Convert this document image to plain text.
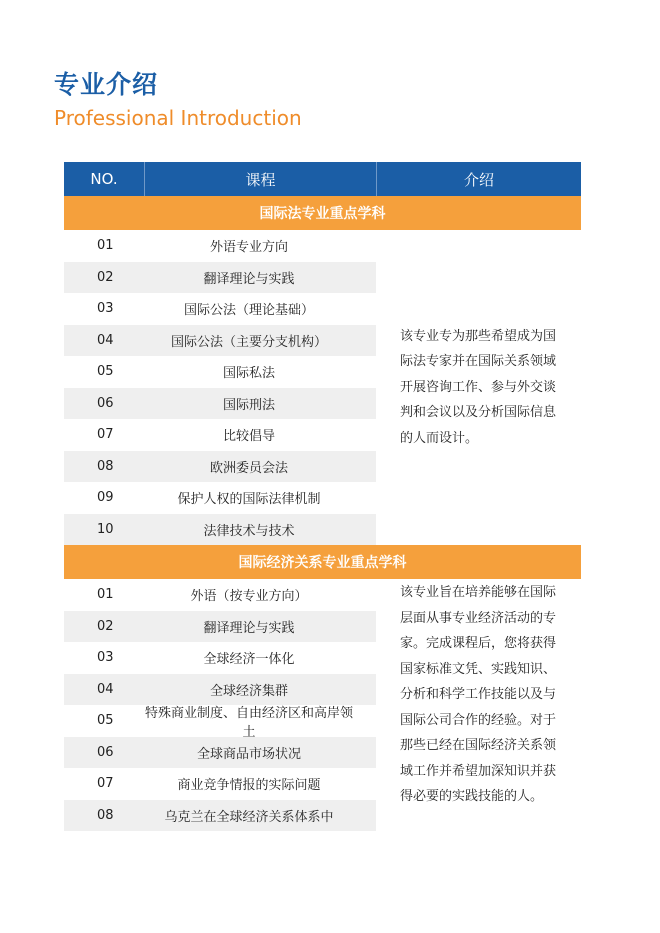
专业介绍
Professional Introduction
NO.	课程	介绍
国际法专业重点学科
01	外语专业方向
02	翻译理论与实践
03	国际公法（理论基础）
04	国际公法（主要分支机构）
05	国际私法
06	国际刑法
07	比较倡导
08	欧洲委员会法
09	保护人权的国际法律机制
10	法律技术与技术
该专业专为那些希望成为国际法专家并在国际关系领域开展咨询工作、参与外交谈判和会议以及分析国际信息的人而设计。
国际经济关系专业重点学科
01	外语（按专业方向）
02	翻译理论与实践
03	全球经济一体化
04	全球经济集群
05	特殊商业制度、自由经济区和高岸领土
06	全球商品市场状况
07	商业竞争情报的实际问题
08	乌克兰在全球经济关系体系中
该专业旨在培养能够在国际层面从事专业经济活动的专家。完成课程后，您将获得国家标准文凭、实践知识、分析和科学工作技能以及与国际公司合作的经验。对于那些已经在国际经济关系领域工作并希望加深知识并获得必要的实践技能的人。
